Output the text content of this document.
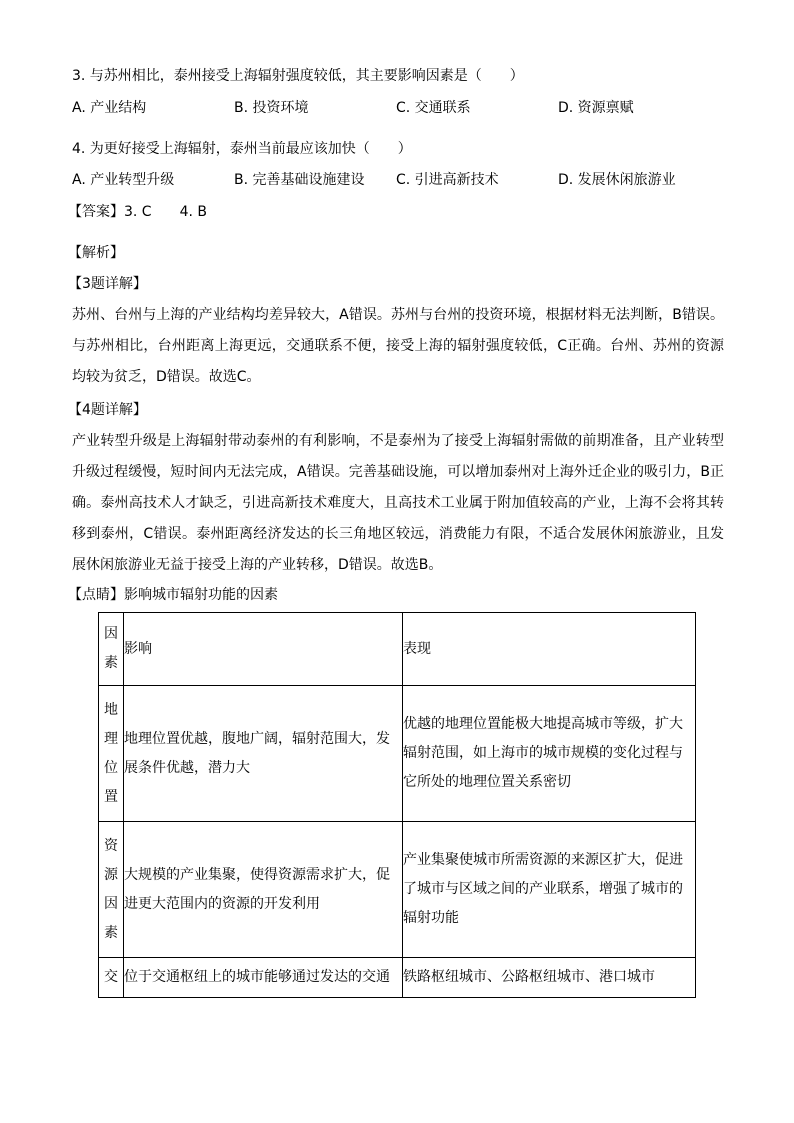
3. 与苏州相比，泰州接受上海辐射强度较低，其主要影响因素是（　　）
A. 产业结构	B. 投资环境	C. 交通联系	D. 资源禀赋
4. 为更好接受上海辐射，泰州当前最应该加快（　　）
A. 产业转型升级	B. 完善基础设施建设 C. 引进高新技术	D. 发展休闲旅游业
【答案】3. C　　4. B
【解析】
【3题详解】
苏州、台州与上海的产业结构均差异较大，A错误。苏州与台州的投资环境，根据材料无法判断，B错误。与苏州相比，台州距离上海更远，交通联系不便，接受上海的辐射强度较低，C正确。台州、苏州的资源均较为贫乏，D错误。故选C。
【4题详解】
产业转型升级是上海辐射带动泰州的有利影响，不是泰州为了接受上海辐射需做的前期准备，且产业转型升级过程缓慢，短时间内无法完成，A错误。完善基础设施，可以增加泰州对上海外迁企业的吸引力，B正确。泰州高技术人才缺乏，引进高新技术难度大，且高技术工业属于附加值较高的产业，上海不会将其转移到泰州，C错误。泰州距离经济发达的长三角地区较远，消费能力有限，不适合发展休闲旅游业，且发展休闲旅游业无益于接受上海的产业转移，D错误。故选B。
【点睛】影响城市辐射功能的因素
因素	影响	表现
地理位置	地理位置优越，腹地广阔，辐射范围大，发展条件优越，潜力大	优越的地理位置能极大地提高城市等级，扩大辐射范围，如上海市的城市规模的变化过程与它所处的地理位置关系密切
资源因素	大规模的产业集聚，使得资源需求扩大，促进更大范围内的资源的开发利用	产业集聚使城市所需资源的来源区扩大，促进了城市与区域之间的产业联系，增强了城市的辐射功能
交	位于交通枢纽上的城市能够通过发达的交通	铁路枢纽城市、公路枢纽城市、港口城市
